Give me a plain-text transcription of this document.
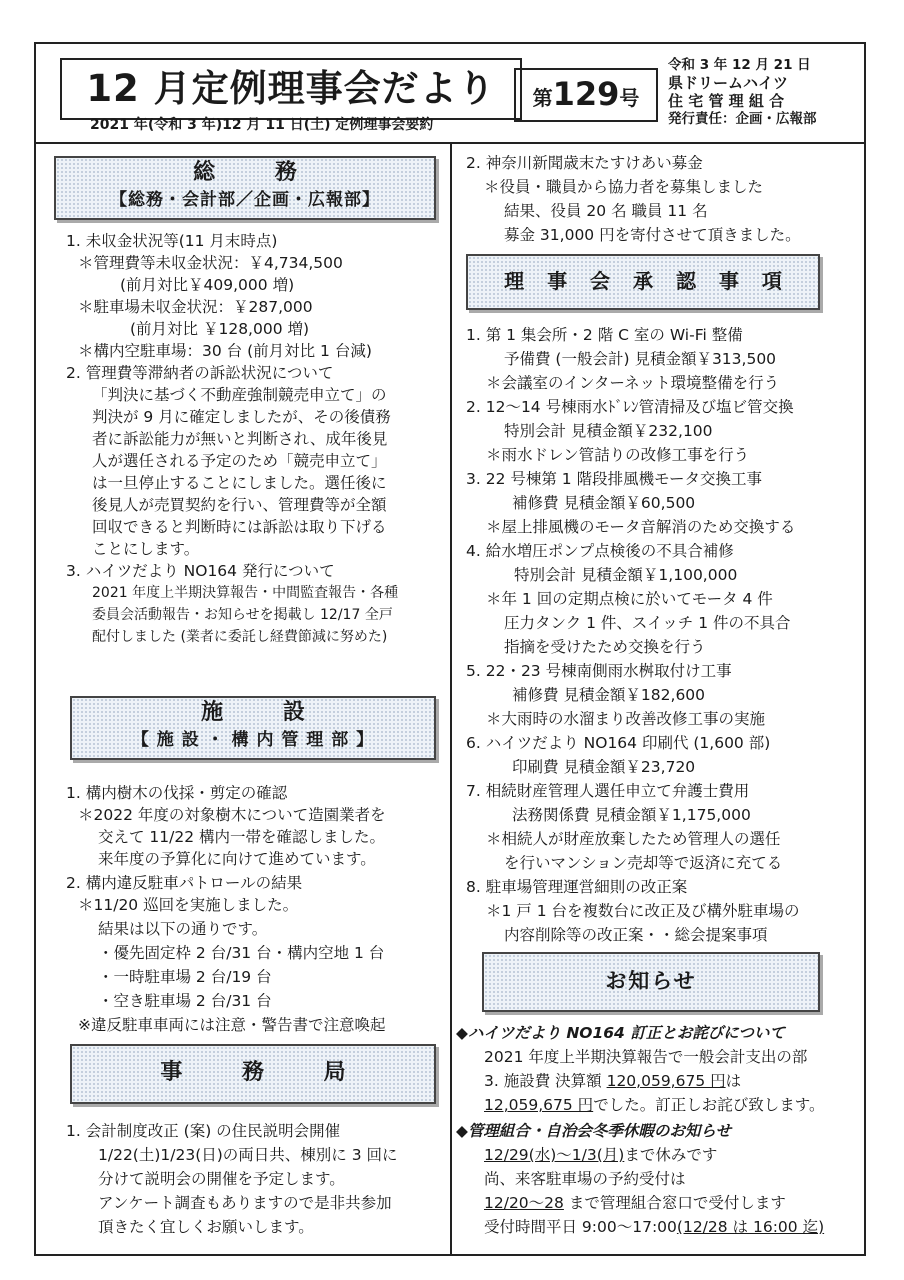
12 月定例理事会だより
2021 年(令和 3 年)12 月 11 日(土) 定例理事会要約
第129号
令和 3 年 12 月 21 日
県ドリームハイツ
住 宅 管 理 組 合
発行責任：企画・広報部
総 務
【総務・会計部／企画・広報部】
1. 未収金状況等(11 月末時点)
＊管理費等未収金状況：￥4,734,500
(前月対比￥409,000 増)
＊駐車場未収金状況：￥287,000
(前月対比 ￥128,000 増)
＊構内空駐車場：30 台 (前月対比 1 台減)
2. 管理費等滞納者の訴訟状況について
「判決に基づく不動産強制競売申立て」の
判決が 9 月に確定しましたが、その後債務
者に訴訟能力が無いと判断され、成年後見
人が選任される予定のため「競売申立て」
は一旦停止することにしました。選任後に
後見人が売買契約を行い、管理費等が全額
回収できると判断時には訴訟は取り下げる
ことにします。
3. ハイツだより NO164 発行について
2021 年度上半期決算報告・中間監査報告・各種
委員会活動報告・お知らせを掲載し 12/17 全戸
配付しました (業者に委託し経費節減に努めた)
施 設
【 施 設 ・ 構 内 管 理 部 】
1. 構内樹木の伐採・剪定の確認
＊2022 年度の対象樹木について造園業者を
交えて 11/22 構内一帯を確認しました。
来年度の予算化に向けて進めています。
2. 構内違反駐車パトロールの結果
＊11/20 巡回を実施しました。
結果は以下の通りです。
・優先固定枠 2 台/31 台・構内空地 1 台
・一時駐車場 2 台/19 台
・空き駐車場 2 台/31 台
※違反駐車車両には注意・警告書で注意喚起
事 務 局
1. 会計制度改正 (案) の住民説明会開催
1/22(土)1/23(日)の両日共、棟別に 3 回に
分けて説明会の開催を予定します。
アンケート調査もありますので是非共参加
頂きたく宜しくお願いします。
2. 神奈川新聞歳末たすけあい募金
＊役員・職員から協力者を募集しました
結果、役員 20 名 職員 11 名
募金 31,000 円を寄付させて頂きました。
理 事 会 承 認 事 項
1. 第 1 集会所・2 階 C 室の Wi-Fi 整備
予備費 (一般会計) 見積金額￥313,500
＊会議室のインターネット環境整備を行う
2. 12～14 号棟雨水ﾄﾞﾚﾝ管清掃及び塩ビ管交換
特別会計 見積金額￥232,100
＊雨水ドレン管詰りの改修工事を行う
3. 22 号棟第 1 階段排風機モータ交換工事
補修費 見積金額￥60,500
＊屋上排風機のモータ音解消のため交換する
4. 給水増圧ポンプ点検後の不具合補修
特別会計 見積金額￥1,100,000
＊年 1 回の定期点検に於いてモータ 4 件
圧力タンク 1 件、スイッチ 1 件の不具合
指摘を受けたため交換を行う
5. 22・23 号棟南側雨水桝取付け工事
補修費 見積金額￥182,600
＊大雨時の水溜まり改善改修工事の実施
6. ハイツだより NO164 印刷代 (1,600 部)
印刷費 見積金額￥23,720
7. 相続財産管理人選任申立て弁護士費用
法務関係費 見積金額￥1,175,000
＊相続人が財産放棄したため管理人の選任
を行いマンション売却等で返済に充てる
8. 駐車場管理運営細則の改正案
＊1 戸 1 台を複数台に改正及び構外駐車場の
内容削除等の改正案・・総会提案事項
お知らせ
◆ハイツだより NO164 訂正とお詫びについて
2021 年度上半期決算報告で一般会計支出の部
3. 施設費 決算額 120,059,675 円は
12,059,675 円でした。訂正しお詫び致します。
◆管理組合・自治会冬季休暇のお知らせ
12/29(水)～1/3(月)まで休みです
尚、来客駐車場の予約受付は
12/20～28 まで管理組合窓口で受付します
受付時間平日 9:00～17:00(12/28 は 16:00 迄)
